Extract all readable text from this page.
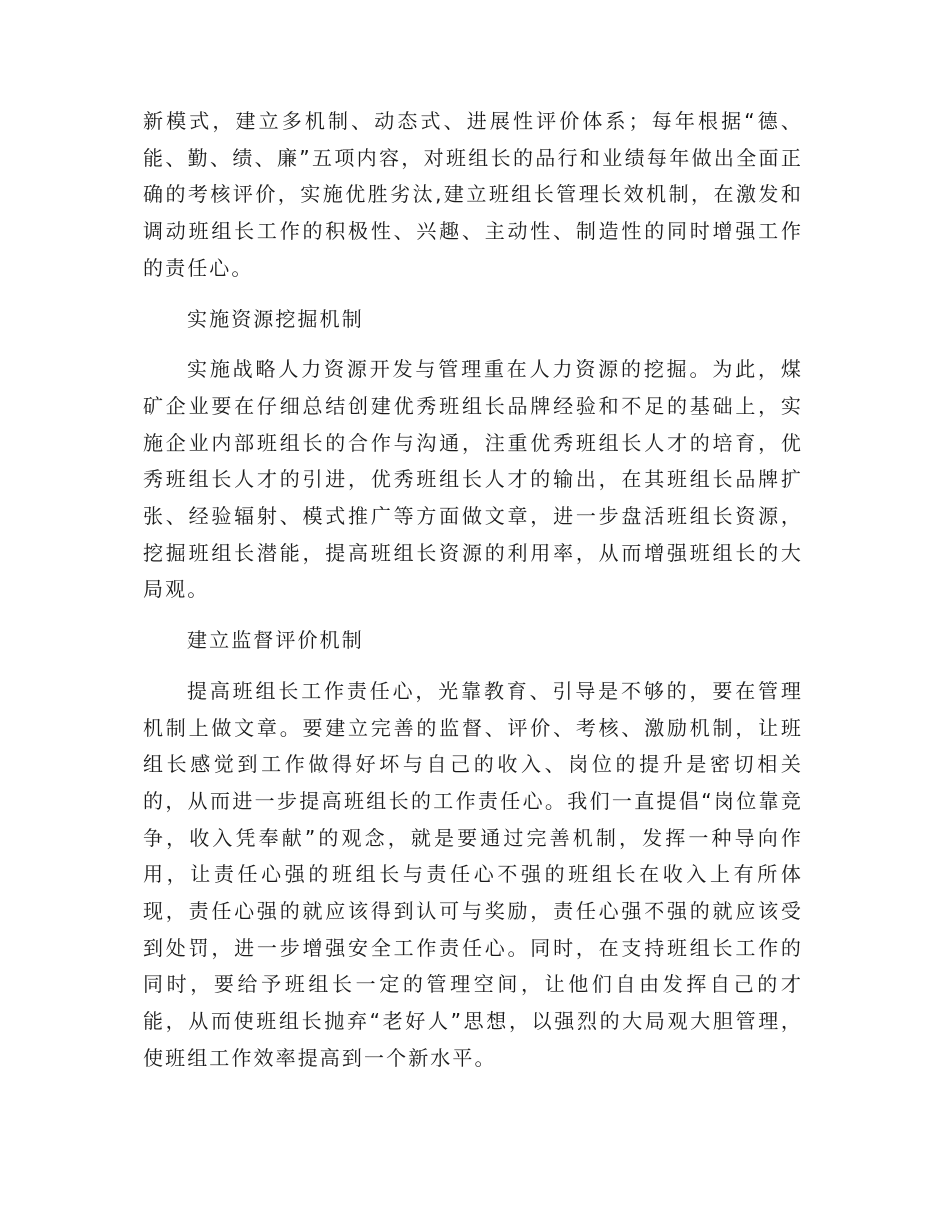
新模式，建立多机制、动态式、进展性评价体系；每年根据“德、能、勤、绩、廉”五项内容，对班组长的品行和业绩每年做出全面正确的考核评价，实施优胜劣汰,建立班组长管理长效机制，在激发和调动班组长工作的积极性、兴趣、主动性、制造性的同时增强工作的责任心。

实施资源挖掘机制

实施战略人力资源开发与管理重在人力资源的挖掘。为此，煤矿企业要在仔细总结创建优秀班组长品牌经验和不足的基础上，实施企业内部班组长的合作与沟通，注重优秀班组长人才的培育，优秀班组长人才的引进，优秀班组长人才的输出，在其班组长品牌扩张、经验辐射、模式推广等方面做文章，进一步盘活班组长资源，挖掘班组长潜能，提高班组长资源的利用率，从而增强班组长的大局观。

建立监督评价机制

提高班组长工作责任心，光靠教育、引导是不够的，要在管理机制上做文章。要建立完善的监督、评价、考核、激励机制，让班组长感觉到工作做得好坏与自己的收入、岗位的提升是密切相关的，从而进一步提高班组长的工作责任心。我们一直提倡“岗位靠竞争，收入凭奉献”的观念，就是要通过完善机制，发挥一种导向作用，让责任心强的班组长与责任心不强的班组长在收入上有所体现，责任心强的就应该得到认可与奖励，责任心强不强的就应该受到处罚，进一步增强安全工作责任心。同时，在支持班组长工作的同时，要给予班组长一定的管理空间，让他们自由发挥自己的才能，从而使班组长抛弃“老好人”思想，以强烈的大局观大胆管理，使班组工作效率提高到一个新水平。
